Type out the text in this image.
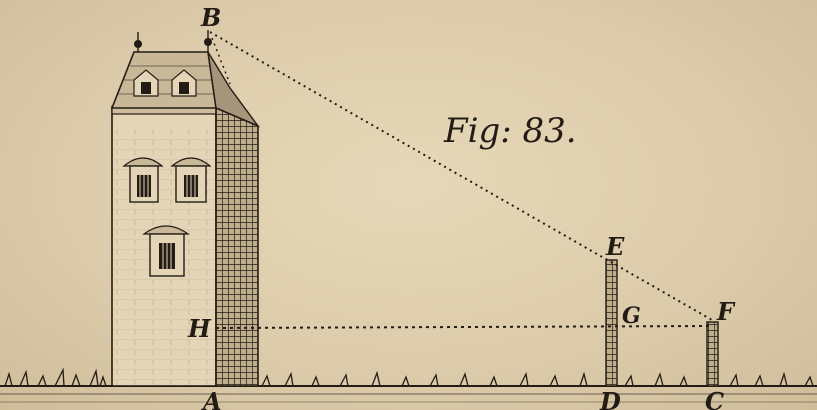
B
H
A
E
G	F
D	C
Fig: 83.
